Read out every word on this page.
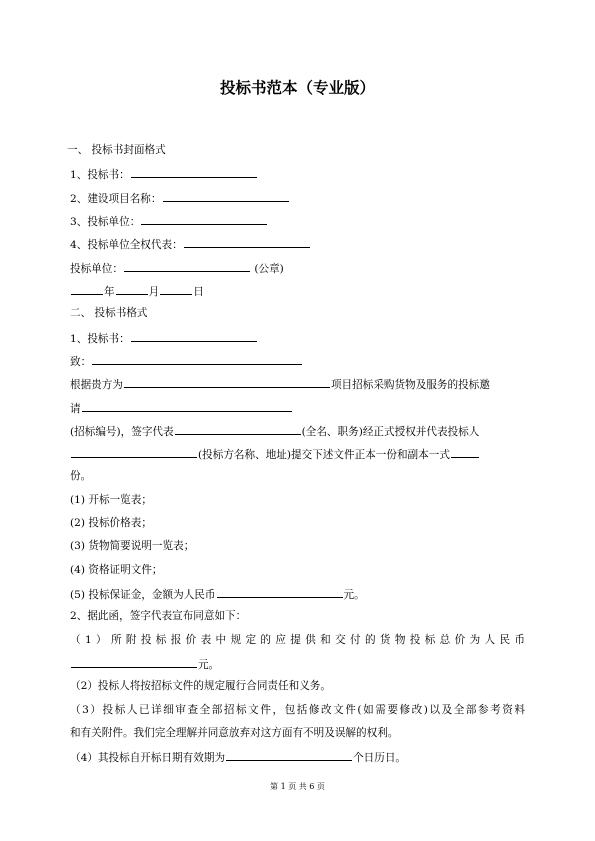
投标书范本（专业版）
一、 投标书封面格式
1、投标书：
2、建设项目名称：
3、投标单位：
4、投标单位全权代表：
投标单位：	(公章)
年	月	日
二、 投标书格式
1、投标书：
致：
根据贵方为	项目招标采购货物及服务的投标邀
请
(招标编号)，签字代表	(全名、职务)经正式授权并代表投标人
(投标方名称、地址)提交下述文件正本一份和副本一式
份。
(1) 开标一览表；
(2) 投标价格表；
(3) 货物简要说明一览表；
(4) 资格证明文件；
(5) 投标保证金，金额为人民币	元。
2、据此函，签字代表宣布同意如下：
（1）所附投标报价表中规定的应提供和交付的货物投标总价为人民币
元。
（2）投标人将按招标文件的规定履行合同责任和义务。
（3）投标人已详细审查全部招标文件，包括修改文件(如需要修改)以及全部参考资料
和有关附件。我们完全理解并同意放弃对这方面有不明及误解的权利。
（4）其投标自开标日期有效期为	个日历日。
第 1 页 共 6 页
